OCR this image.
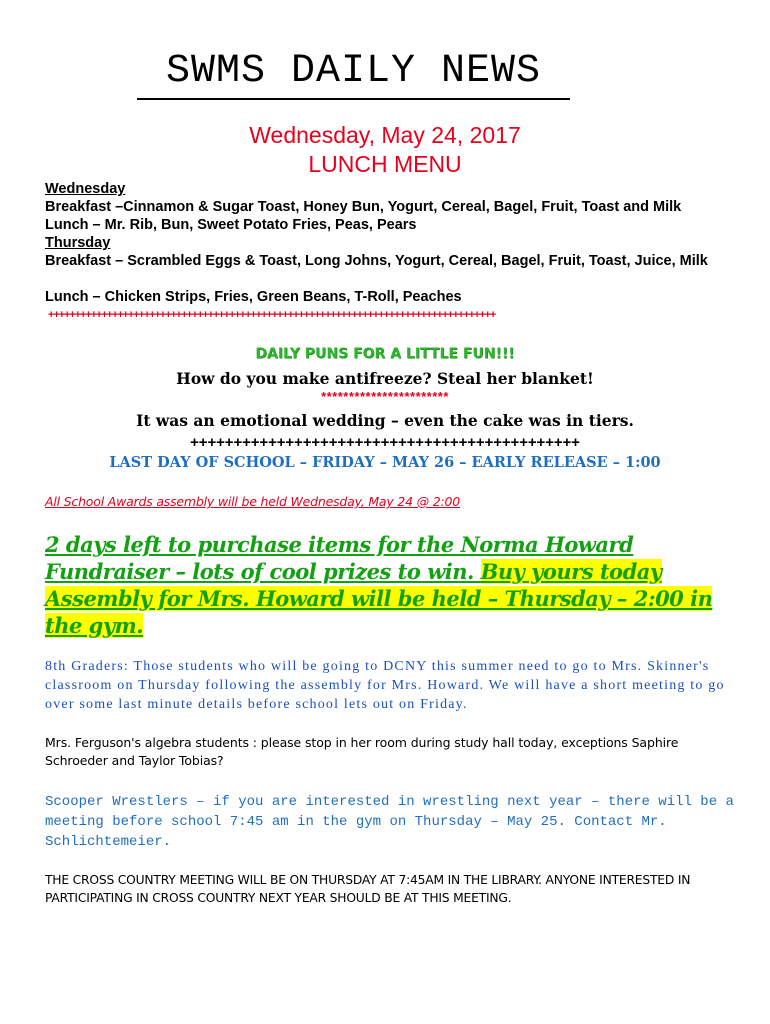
SWMS DAILY NEWS
Wednesday, May 24, 2017
LUNCH MENU
Wednesday
Breakfast –Cinnamon & Sugar Toast, Honey Bun, Yogurt, Cereal, Bagel, Fruit, Toast and Milk
Lunch – Mr. Rib, Bun, Sweet Potato Fries, Peas, Pears
Thursday
Breakfast – Scrambled Eggs & Toast, Long Johns, Yogurt, Cereal, Bagel, Fruit, Toast, Juice, Milk
Lunch – Chicken Strips, Fries, Green Beans, T-Roll, Peaches
++++++++++++++++++++++++++++++++++++++++++++++++++++++++++++++++++++++++++++++++++++
DAILY PUNS FOR A LITTLE FUN!!!
How do you make antifreeze? Steal her blanket!
***********************
It was an emotional wedding – even the cake was in tiers.
+++++++++++++++++++++++++++++++++++++++++++++
LAST DAY OF SCHOOL – FRIDAY – MAY 26 – EARLY RELEASE – 1:00
All School Awards assembly will be held Wednesday, May 24 @ 2:00
2 days left to purchase items for the Norma Howard Fundraiser – lots of cool prizes to win. Buy yours today Assembly for Mrs. Howard will be held – Thursday – 2:00 in the gym.
8th Graders: Those students who will be going to DCNY this summer need to go to Mrs. Skinner's classroom on Thursday following the assembly for Mrs. Howard. We will have a short meeting to go over some last minute details before school lets out on Friday.
Mrs. Ferguson's algebra students : please stop in her room during study hall today, exceptions Saphire Schroeder and Taylor Tobias?
Scooper Wrestlers – if you are interested in wrestling next year – there will be a meeting before school 7:45 am in the gym on Thursday – May 25. Contact Mr. Schlichtemeier.
THE CROSS COUNTRY MEETING WILL BE ON THURSDAY AT 7:45AM IN THE LIBRARY. ANYONE INTERESTED IN PARTICIPATING IN CROSS COUNTRY NEXT YEAR SHOULD BE AT THIS MEETING.
